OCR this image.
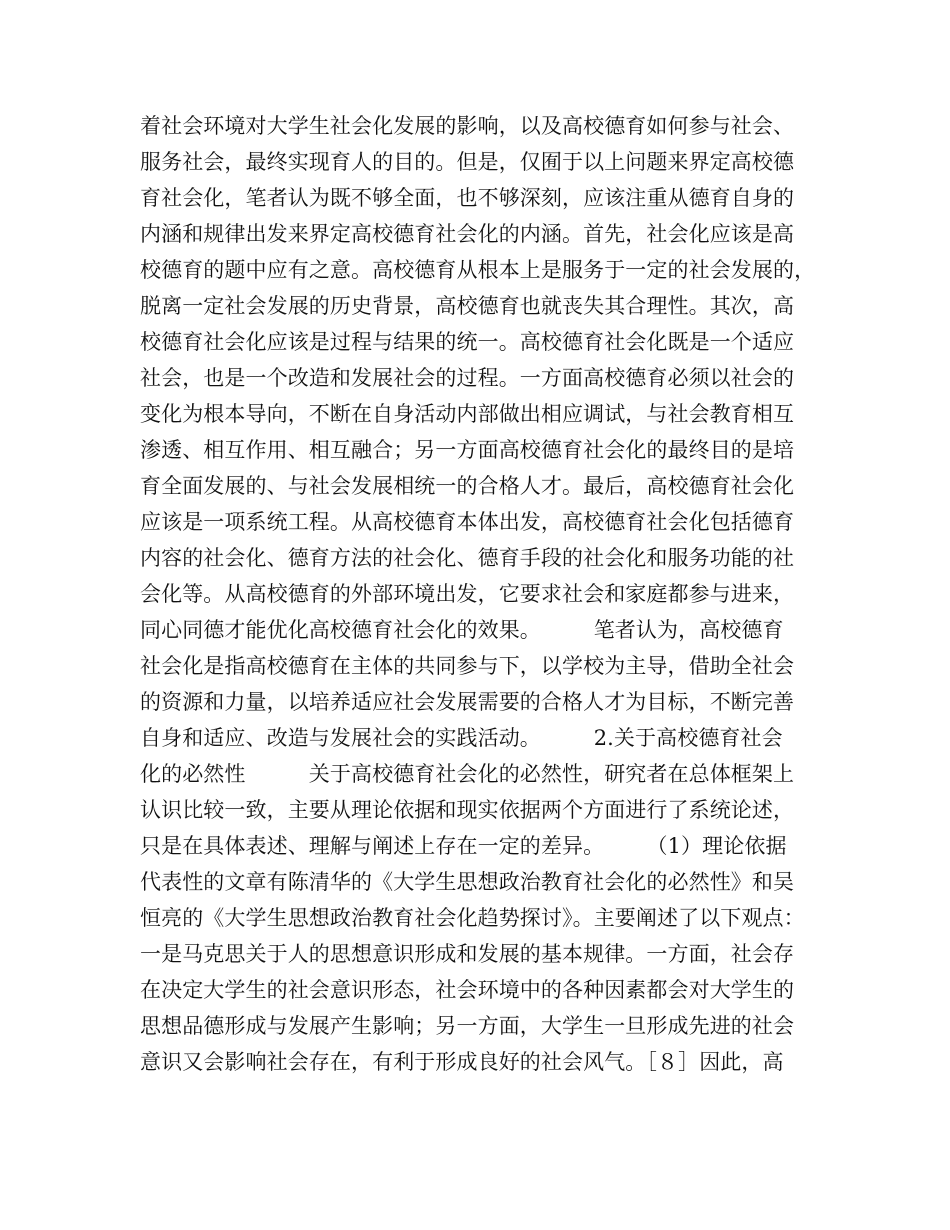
着社会环境对大学生社会化发展的影响，以及高校德育如何参与社会、
服务社会，最终实现育人的目的。但是，仅囿于以上问题来界定高校德
育社会化，笔者认为既不够全面，也不够深刻，应该注重从德育自身的
内涵和规律出发来界定高校德育社会化的内涵。首先，社会化应该是高
校德育的题中应有之意。高校德育从根本上是服务于一定的社会发展的，
脱离一定社会发展的历史背景，高校德育也就丧失其合理性。其次，高
校德育社会化应该是过程与结果的统一。高校德育社会化既是一个适应
社会，也是一个改造和发展社会的过程。一方面高校德育必须以社会的
变化为根本导向，不断在自身活动内部做出相应调试，与社会教育相互
渗透、相互作用、相互融合；另一方面高校德育社会化的最终目的是培
育全面发展的、与社会发展相统一的合格人才。最后，高校德育社会化
应该是一项系统工程。从高校德育本体出发，高校德育社会化包括德育
内容的社会化、德育方法的社会化、德育手段的社会化和服务功能的社
会化等。从高校德育的外部环境出发，它要求社会和家庭都参与进来，
同心同德才能优化高校德育社会化的效果。　　　笔者认为，高校德育
社会化是指高校德育在主体的共同参与下，以学校为主导，借助全社会
的资源和力量，以培养适应社会发展需要的合格人才为目标，不断完善
自身和适应、改造与发展社会的实践活动。　　　2.关于高校德育社会
化的必然性　　　关于高校德育社会化的必然性，研究者在总体框架上
认识比较一致，主要从理论依据和现实依据两个方面进行了系统论述，
只是在具体表述、理解与阐述上存在一定的差异。　　　（1）理论依据
代表性的文章有陈清华的《大学生思想政治教育社会化的必然性》和吴
恒亮的《大学生思想政治教育社会化趋势探讨》。主要阐述了以下观点：
一是马克思关于人的思想意识形成和发展的基本规律。一方面，社会存
在决定大学生的社会意识形态，社会环境中的各种因素都会对大学生的
思想品德形成与发展产生影响；另一方面，大学生一旦形成先进的社会
意识又会影响社会存在，有利于形成良好的社会风气。［８］因此，高
